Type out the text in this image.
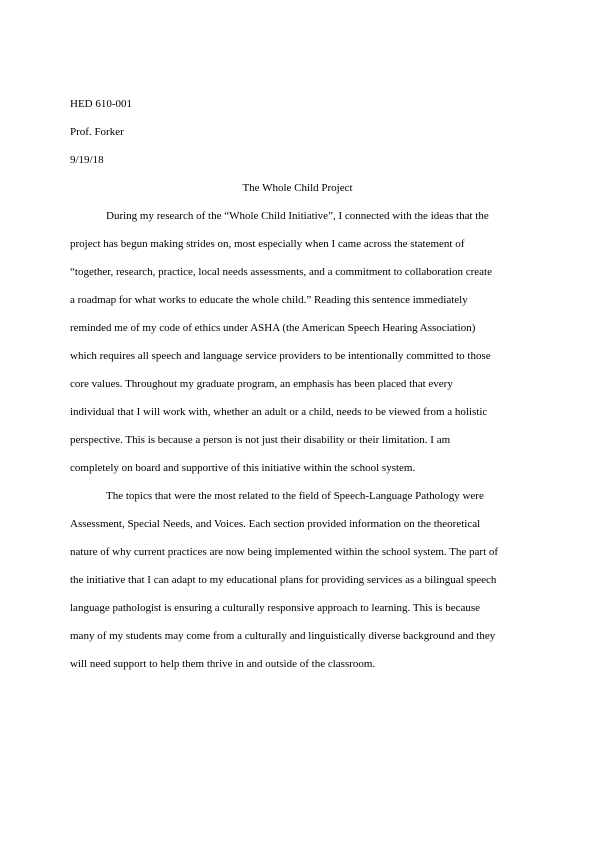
HED 610-001
Prof. Forker
9/19/18
The Whole Child Project
During my research of the “Whole Child Initiative”, I connected with the ideas that the
project has begun making strides on, most especially when I came across the statement of
“together, research, practice, local needs assessments, and a commitment to collaboration create
a roadmap for what works to educate the whole child.” Reading this sentence immediately
reminded me of my code of ethics under ASHA (the American Speech Hearing Association)
which requires all speech and language service providers to be intentionally committed to those
core values. Throughout my graduate program, an emphasis has been placed that every
individual that I will work with, whether an adult or a child, needs to be viewed from a holistic
perspective. This is because a person is not just their disability or their limitation. I am
completely on board and supportive of this initiative within the school system.
The topics that were the most related to the field of Speech-Language Pathology were
Assessment, Special Needs, and Voices. Each section provided information on the theoretical
nature of why current practices are now being implemented within the school system. The part of
the initiative that I can adapt to my educational plans for providing services as a bilingual speech
language pathologist is ensuring a culturally responsive approach to learning. This is because
many of my students may come from a culturally and linguistically diverse background and they
will need support to help them thrive in and outside of the classroom.
